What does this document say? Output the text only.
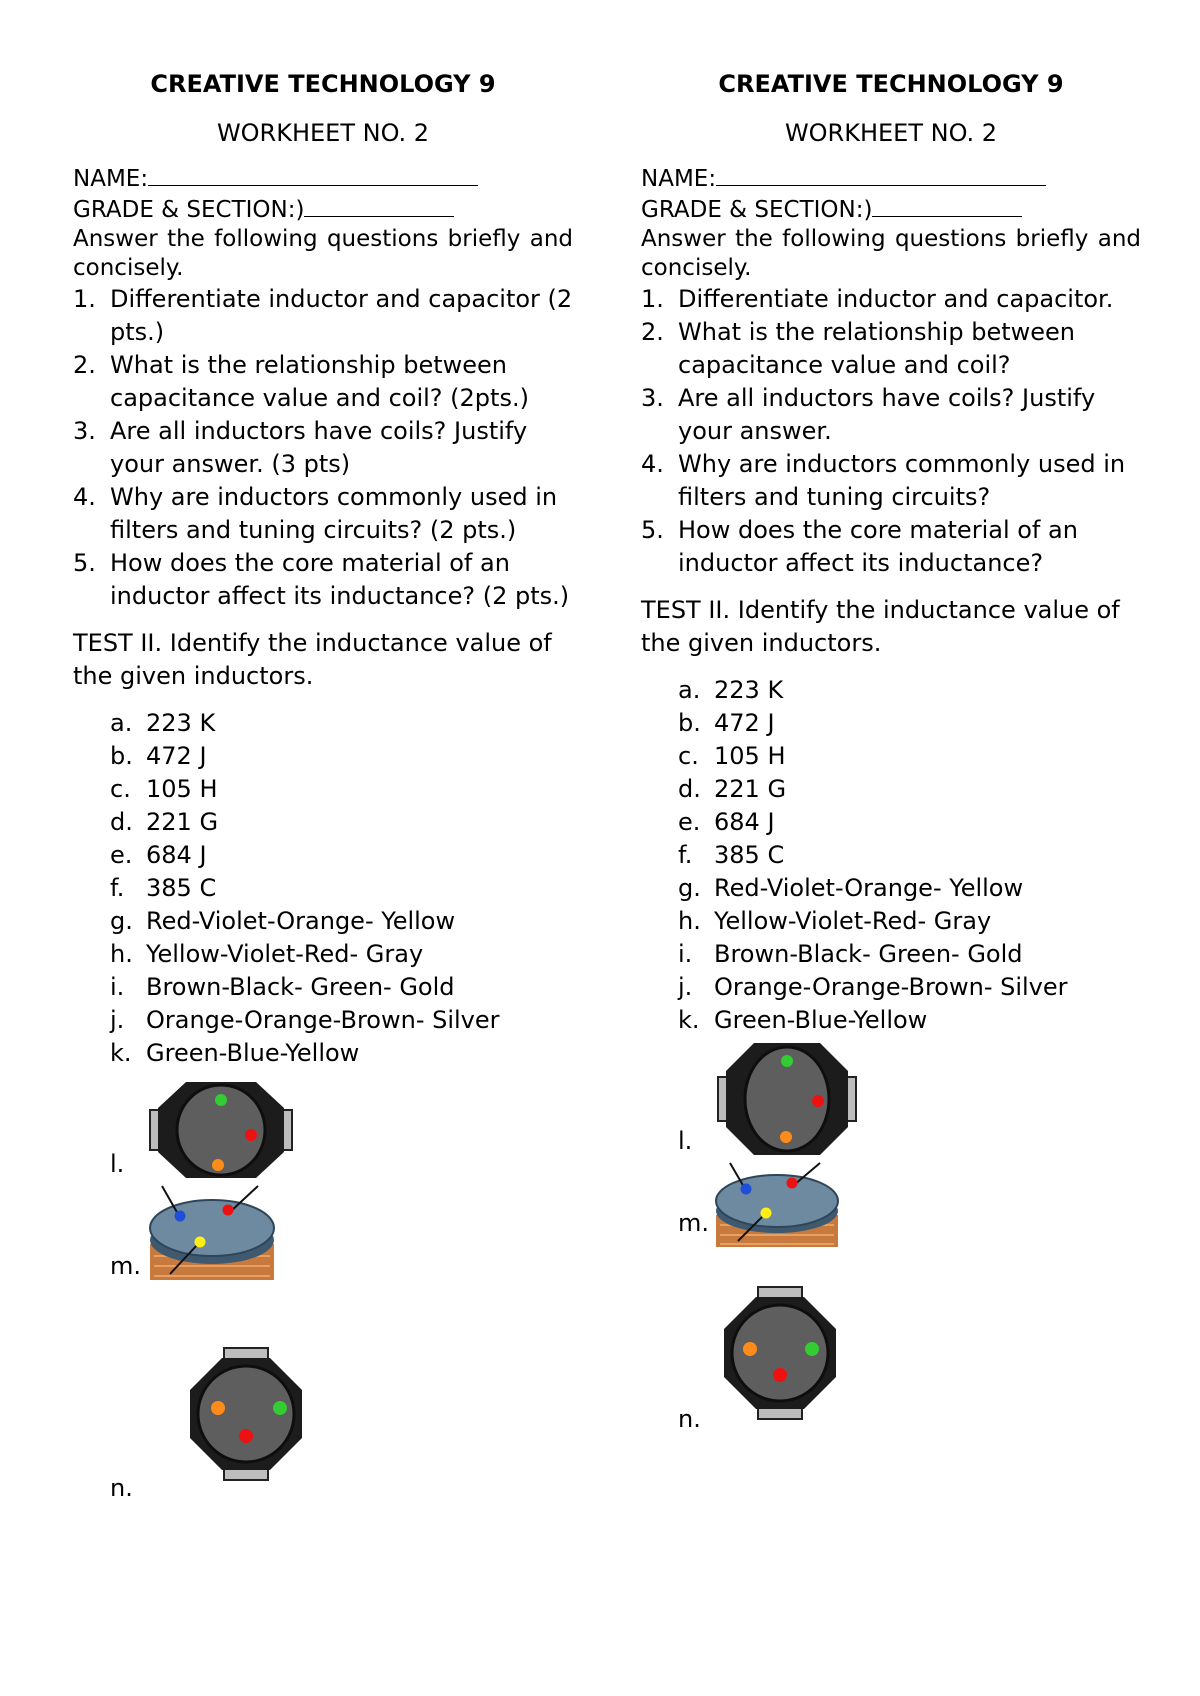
CREATIVE TECHNOLOGY 9

WORKHEET NO. 2

NAME:
GRADE & SECTION:)
Answer the following questions briefly and concisely.
1. Differentiate inductor and capacitor (2 pts.)
2. What is the relationship between capacitance value and coil? (2pts.)
3. Are all inductors have coils? Justify your answer. (3 pts)
4. Why are inductors commonly used in filters and tuning circuits? (2 pts.)
5. How does the core material of an inductor affect its inductance? (2 pts.)
TEST II. Identify the inductance value of the given inductors.
a. 223 K
b. 472 J
c. 105 H
d. 221 G
e. 684 J
f. 385 C
g. Red-Violet-Orange- Yellow
h. Yellow-Violet-Red- Gray
i. Brown-Black- Green- Gold
j. Orange-Orange-Brown- Silver
k. Green-Blue-Yellow
l.
m.
n.

CREATIVE TECHNOLOGY 9

WORKHEET NO. 2

NAME:
GRADE & SECTION:)
Answer the following questions briefly and concisely.
1. Differentiate inductor and capacitor.
2. What is the relationship between capacitance value and coil?
3. Are all inductors have coils? Justify your answer.
4. Why are inductors commonly used in filters and tuning circuits?
5. How does the core material of an inductor affect its inductance?
TEST II. Identify the inductance value of the given inductors.
a. 223 K
b. 472 J
c. 105 H
d. 221 G
e. 684 J
f. 385 C
g. Red-Violet-Orange- Yellow
h. Yellow-Violet-Red- Gray
i. Brown-Black- Green- Gold
j. Orange-Orange-Brown- Silver
k. Green-Blue-Yellow
l.
m.
n.
